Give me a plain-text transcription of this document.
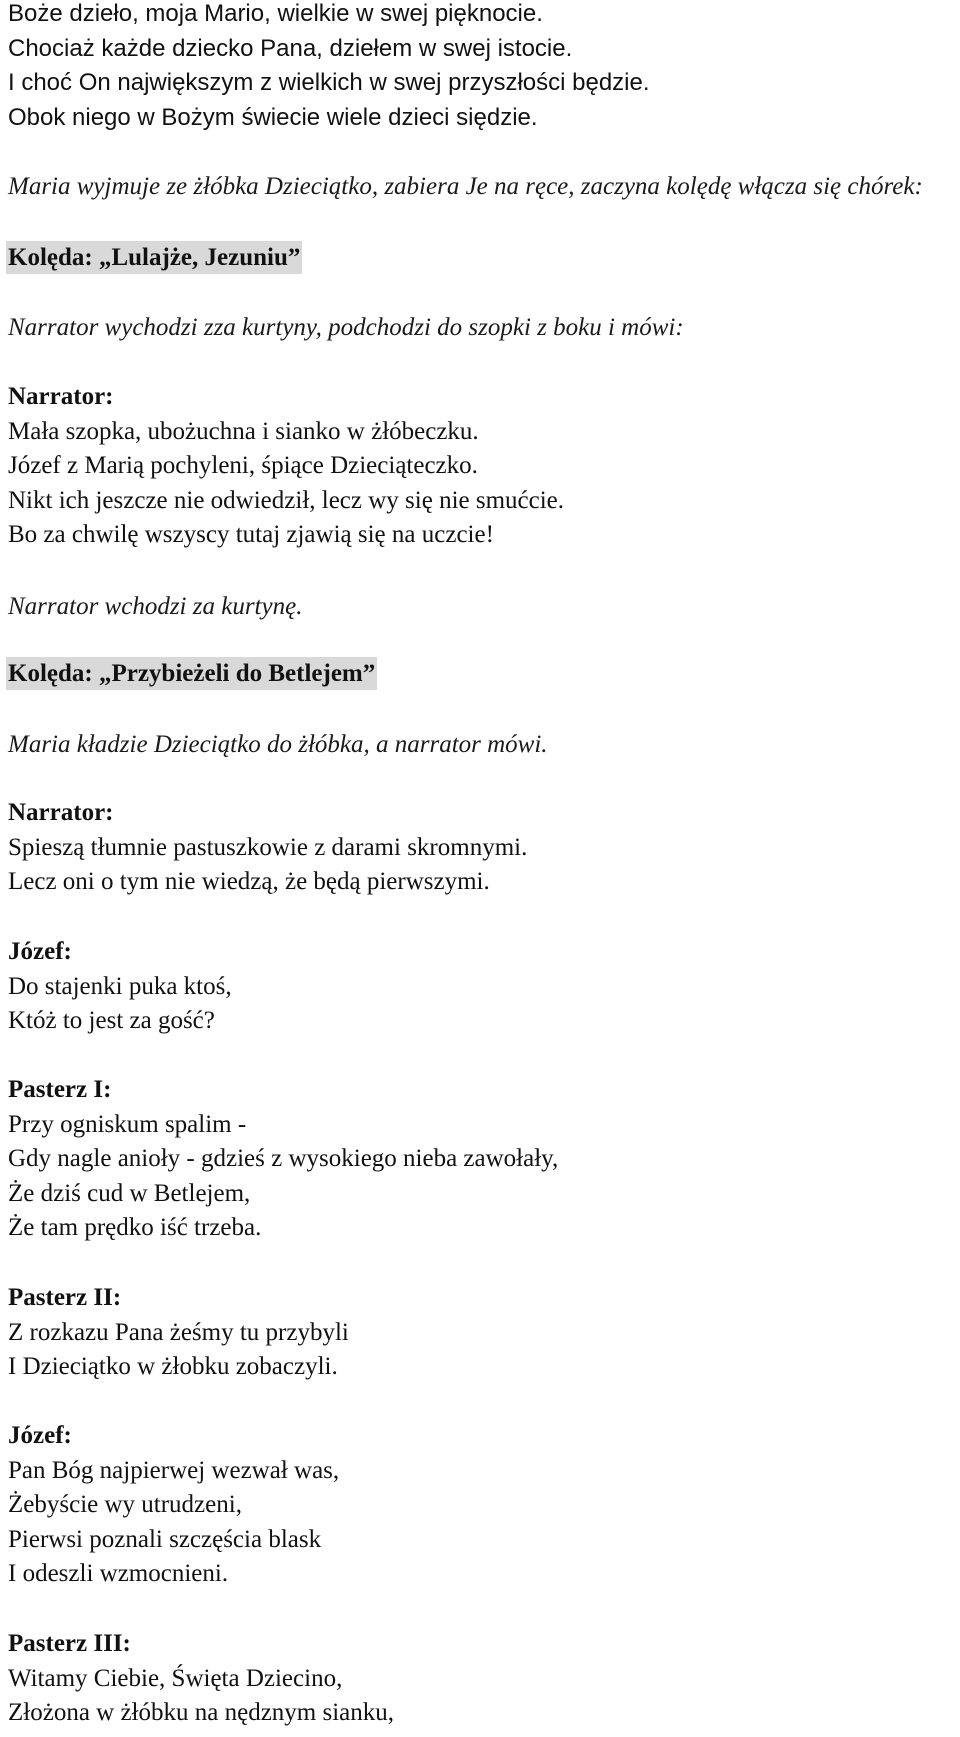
Boże dzieło, moja Mario, wielkie w swej pięknocie.
Chociaż każde dziecko Pana, dziełem w swej istocie.
I choć On największym z wielkich w swej przyszłości będzie.
Obok niego w Bożym świecie wiele dzieci siędzie.
Maria wyjmuje ze żłóbka Dzieciątko, zabiera Je na ręce, zaczyna kolędę włącza się chórek:
Kolęda: „Lulajże, Jezuniu”
Narrator wychodzi zza kurtyny, podchodzi do szopki z boku i mówi:
Narrator:
Mała szopka, ubożuchna i sianko w żłóbeczku.
Józef z Marią pochyleni, śpiące Dzieciąteczko.
Nikt ich jeszcze nie odwiedził, lecz wy się nie smućcie.
Bo za chwilę wszyscy tutaj zjawią się na uczcie!
Narrator wchodzi za kurtynę.
Kolęda: „Przybieżeli do Betlejem”
Maria kładzie Dzieciątko do żłóbka, a narrator mówi.
Narrator:
Spieszą tłumnie pastuszkowie z darami skromnymi.
Lecz oni o tym nie wiedzą, że będą pierwszymi.
Józef:
Do stajenki puka ktoś,
Któż to jest za gość?
Pasterz I:
Przy ogniskum spalim -
Gdy nagle anioły - gdzieś z wysokiego nieba zawołały,
Że dziś cud w Betlejem,
Że tam prędko iść trzeba.
Pasterz II:
Z rozkazu Pana żeśmy tu przybyli
I Dzieciątko w żłobku zobaczyli.
Józef:
Pan Bóg najpierwej wezwał was,
Żebyście wy utrudzeni,
Pierwsi poznali szczęścia blask
I odeszli wzmocnieni.
Pasterz III:
Witamy Ciebie, Święta Dziecino,
Złożona w żłóbku na nędznym sianku,
